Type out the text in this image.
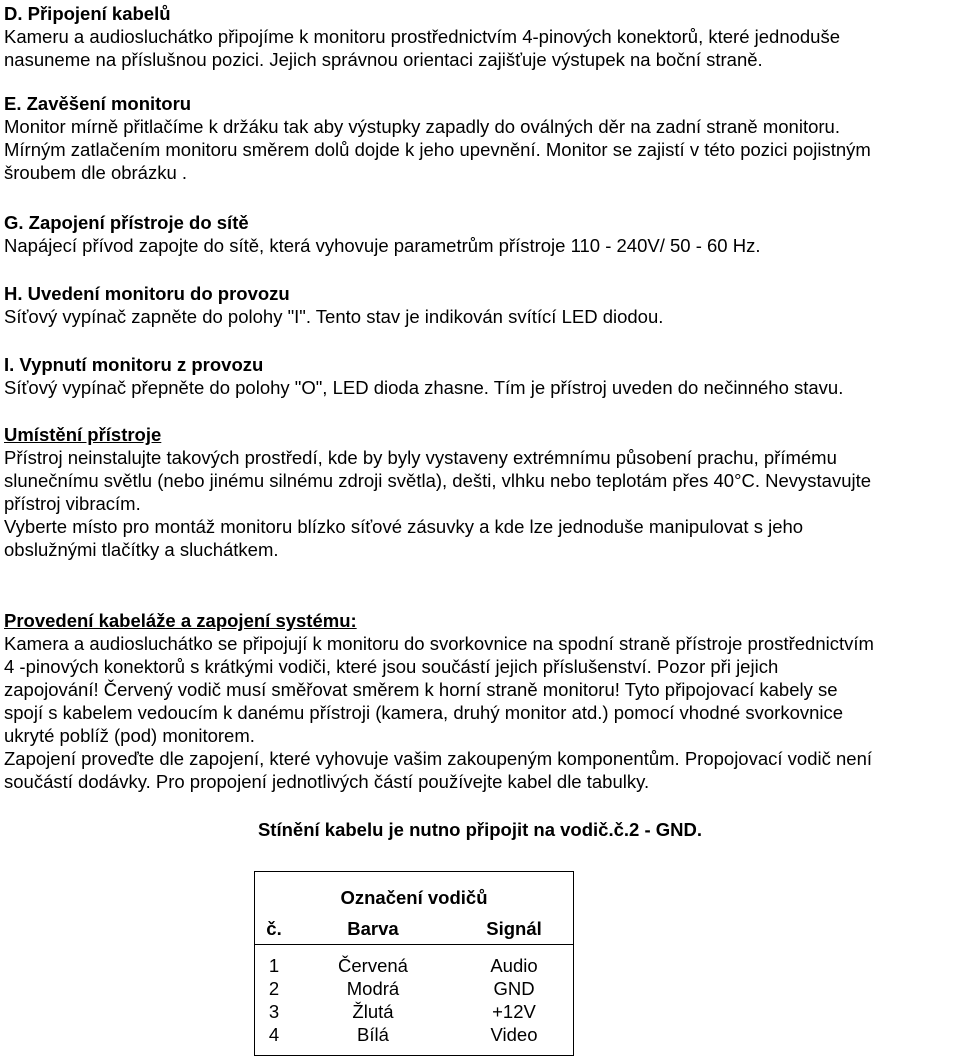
D. Připojení kabelů

Kameru a audiosluchátko připojíme k monitoru prostřednictvím 4-pinových konektorů, které jednoduše

nasuneme na příslušnou pozici. Jejich správnou orientaci zajišťuje výstupek na boční straně.

E. Zavěšení monitoru

Monitor mírně přitlačíme k držáku tak aby výstupky zapadly do oválných děr na zadní straně monitoru.

Mírným zatlačením monitoru směrem dolů dojde k jeho upevnění. Monitor se zajistí v této pozici pojistným

šroubem dle obrázku .

G. Zapojení přístroje do sítě

Napájecí přívod zapojte do sítě, která vyhovuje parametrům přístroje 110 - 240V/ 50 - 60 Hz.

H. Uvedení monitoru do provozu

Síťový vypínač zapněte do polohy "I". Tento stav je indikován svítící LED diodou.

I. Vypnutí monitoru z provozu

Síťový vypínač přepněte do polohy "O", LED dioda zhasne. Tím je přístroj uveden do nečinného stavu.

Umístění přístroje

Přístroj neinstalujte takových prostředí, kde by byly vystaveny extrémnímu působení prachu, přímému

slunečnímu světlu (nebo jinému silnému zdroji světla), dešti, vlhku nebo teplotám přes 40°C. Nevystavujte

přístroj vibracím.

Vyberte místo pro montáž monitoru blízko síťové zásuvky a kde lze jednoduše manipulovat s jeho

obslužnými tlačítky a sluchátkem.

Provedení kabeláže a zapojení systému:

Kamera a audiosluchátko se připojují k monitoru do svorkovnice na spodní straně přístroje prostřednictvím

4 -pinových konektorů s krátkými vodiči, které jsou součástí jejich příslušenství. Pozor při jejich

zapojování! Červený vodič musí směřovat směrem k horní straně monitoru! Tyto připojovací kabely se

spojí s kabelem vedoucím k danému přístroji (kamera, druhý monitor atd.) pomocí vhodné svorkovnice

ukryté poblíž (pod) monitorem.

Zapojení proveďte dle zapojení, které vyhovuje vašim zakoupeným komponentům. Propojovací vodič není

součástí dodávky. Pro propojení jednotlivých částí používejte kabel dle tabulky.

Stínění kabelu je nutno připojit na vodič.č.2 - GND.
Označení vodičů
č.	Barva	Signál
1	Červená	Audio
2	Modrá	GND
3	Žlutá	+12V
4	Bílá	Video
